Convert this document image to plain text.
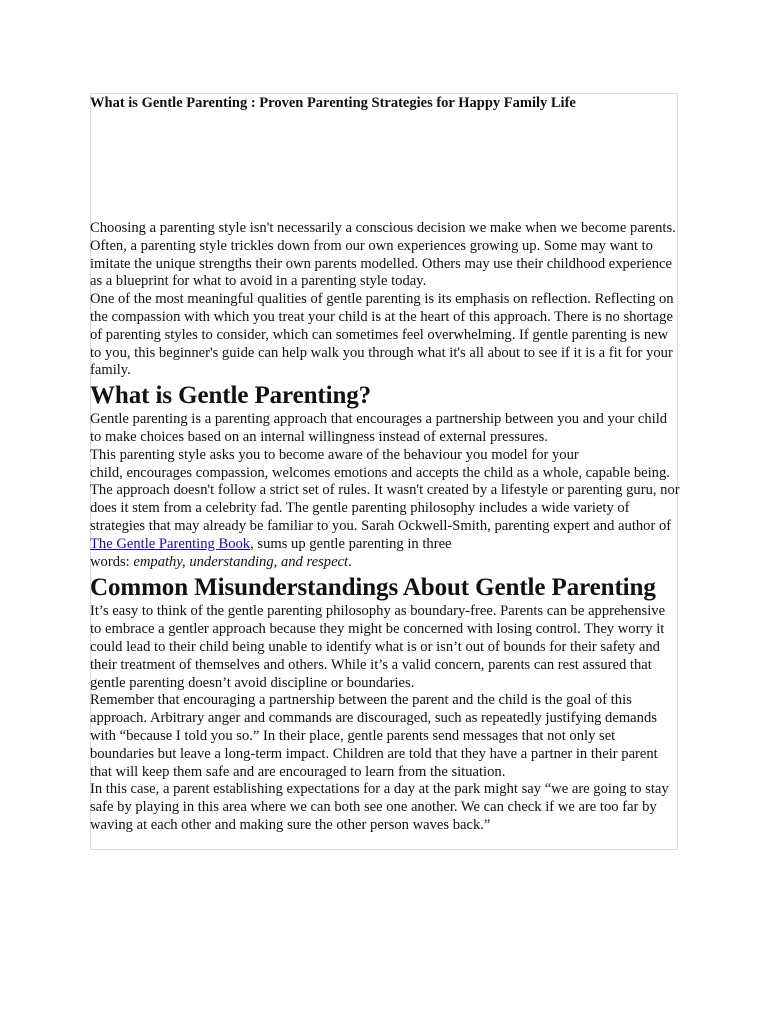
What is Gentle Parenting : Proven Parenting Strategies for Happy Family Life

Choosing a parenting style isn't necessarily a conscious decision we make when we become parents. Often, a parenting style trickles down from our own experiences growing up. Some may want to imitate the unique strengths their own parents modelled. Others may use their childhood experience as a blueprint for what to avoid in a parenting style today.

One of the most meaningful qualities of gentle parenting is its emphasis on reflection. Reflecting on the compassion with which you treat your child is at the heart of this approach. There is no shortage of parenting styles to consider, which can sometimes feel overwhelming. If gentle parenting is new to you, this beginner's guide can help walk you through what it's all about to see if it is a fit for your family.

What is Gentle Parenting?

Gentle parenting is a parenting approach that encourages a partnership between you and your child to make choices based on an internal willingness instead of external pressures.

This parenting style asks you to become aware of the behaviour you model for your
child, encourages compassion, welcomes emotions and accepts the child as a whole, capable being.

The approach doesn't follow a strict set of rules. It wasn't created by a lifestyle or parenting guru, nor does it stem from a celebrity fad. The gentle parenting philosophy includes a wide variety of strategies that may already be familiar to you. Sarah Ockwell-Smith, parenting expert and author of The Gentle Parenting Book, sums up gentle parenting in three
words: empathy, understanding, and respect.

Common Misunderstandings About Gentle Parenting

It’s easy to think of the gentle parenting philosophy as boundary-free. Parents can be apprehensive to embrace a gentler approach because they might be concerned with losing control. They worry it could lead to their child being unable to identify what is or isn’t out of bounds for their safety and their treatment of themselves and others. While it’s a valid concern, parents can rest assured that gentle parenting doesn’t avoid discipline or boundaries.

Remember that encouraging a partnership between the parent and the child is the goal of this approach. Arbitrary anger and commands are discouraged, such as repeatedly justifying demands with “because I told you so.” In their place, gentle parents send messages that not only set boundaries but leave a long-term impact. Children are told that they have a partner in their parent that will keep them safe and are encouraged to learn from the situation.

In this case, a parent establishing expectations for a day at the park might say “we are going to stay safe by playing in this area where we can both see one another. We can check if we are too far by waving at each other and making sure the other person waves back.”
